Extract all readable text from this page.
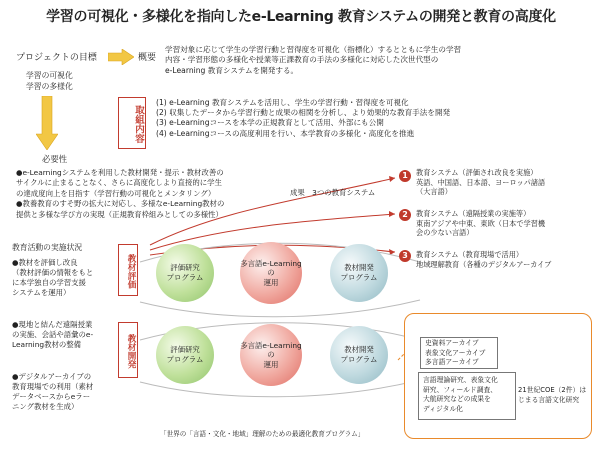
学習の可視化・多様化を指向したe-Learning 教育システムの開発と教育の高度化
プロジェクトの目標
学習の可視化
学習の多様化
概要
学習対象に応じて学生の学習行動と習得度を可視化（指標化）するとともに学生の学習
内容・学習形態の多様化や授業等正課教育の手法の多様化に対応した次世代型の
e-Learning 教育システムを開発する。
取組内容
(1) e-Learning 教育システムを活用し、学生の学習行動・習得度を可視化
(2) 収集したデータから学習行動と成果の相関を分析し、より効果的な教育手法を開発
(3) e-Learningコースを本学の正規教育として活用、外部にも公開
(4) e-Learningコースの高度利用を行い、本学教育の多様化・高度化を推進
必要性
●e-Learningシステムを利用した教材開発・提示・教材改善の
サイクルに止まることなく、さらに高度化しより直接的に学生
の達成度向上を目指す（学習行動の可視化とメンタリング）
●教養教育のすそ野の拡大に対応し、多様なe-Learning教材の
提供と多様な学び方の実現（正規教育枠組みとしての多様性）
成果　3つの教育システム
1	教育システム（評価され改良を実施）
英語、中国語、日本語、ヨーロッパ諸語
（大言語）
2	教育システム（遠隔授業の実施等）
東南アジアや中東、東欧（日本で学習機
会の少ない言語）
3	教育システム（教育現場で活用）
地域理解教育（各種のデジタルアーカイブ
教育活動の実施状況
●教材を評価し改良
（教材評価の情報をもと
に本学独自の学習支援
システムを運用）
●現地と結んだ遠隔授業
の実施、会話や語彙のe-
Learning教材の整備
●デジタルアーカイブの
教育現場での利用（素材
データベースからeラー
ニング教材を生成）
教材評価	評価研究
プログラム
多言語e-Learningの
運用
教材開発
プログラム
教材開発	評価研究
プログラム
多言語e-Learningの
運用
教材開発
プログラム
史資料アーカイブ
表象文化アーカイブ
多言語アーカイブ
言語理論研究、表象文化
研究、フィールド調査、
大航研究などの成果を
ディジタル化
21世紀COE（2件）は
じまる言語文化研究
「世界の「言語・文化・地域」理解のための最適化教育プログラム」
